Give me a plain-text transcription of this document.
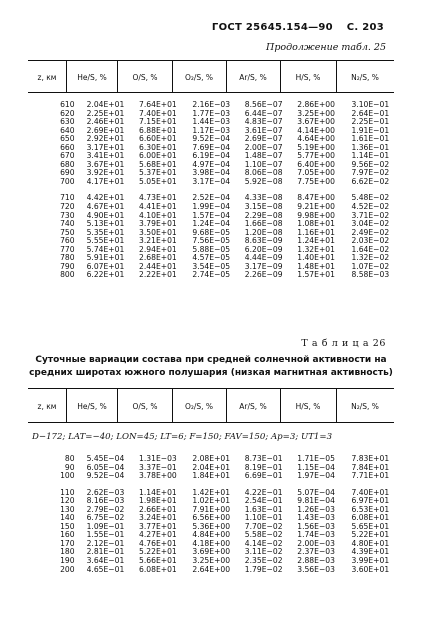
ГОСТ 25645.154—90 С. 203
Продолжение табл. 25
z, км	He/S, %	O/S, %	O₂/S, %	Ar/S, %	H/S, %	N₂/S, %
610	2.04E+01	7.64E+01	2.16E−03	8.56E−07	2.86E+00	3.10E−01
620	2.25E+01	7.40E+01	1.77E−03	6.44E−07	3.25E+00	2.64E−01
630	2.46E+01	7.15E+01	1.44E−03	4.83E−07	3.67E+00	2.25E−01
640	2.69E+01	6.88E+01	1.17E−03	3.61E−07	4.14E+00	1.91E−01
650	2.92E+01	6.60E+01	9.52E−04	2.69E−07	4.64E+00	1.61E−01
660	3.17E+01	6.30E+01	7.69E−04	2.00E−07	5.19E+00	1.36E−01
670	3.41E+01	6.00E+01	6.19E−04	1.48E−07	5.77E+00	1.14E−01
680	3.67E+01	5.68E+01	4.97E−04	1.10E−07	6.40E+00	9.56E−02
690	3.92E+01	5.37E+01	3.98E−04	8.06E−08	7.05E+00	7.97E−02
700	4.17E+01	5.05E+01	3.17E−04	5.92E−08	7.75E+00	6.62E−02

710	4.42E+01	4.73E+01	2.52E−04	4.33E−08	8.47E+00	5.48E−02
720	4.67E+01	4.41E+01	1.99E−04	3.15E−08	9.21E+00	4.52E−02
730	4.90E+01	4.10E+01	1.57E−04	2.29E−08	9.98E+00	3.71E−02
740	5.13E+01	3.79E+01	1.24E−04	1.66E−08	1.08E+01	3.04E−02
750	5.35E+01	3.50E+01	9.68E−05	1.20E−08	1.16E+01	2.49E−02
760	5.55E+01	3.21E+01	7.56E−05	8.63E−09	1.24E+01	2.03E−02
770	5.74E+01	2.94E+01	5.88E−05	6.20E−09	1.32E+01	1.64E−02
780	5.91E+01	2.68E+01	4.57E−05	4.44E−09	1.40E+01	1.32E−02
790	6.07E+01	2.44E+01	3.54E−05	3.17E−09	1.48E+01	1.07E−02
800	6.22E+01	2.22E+01	2.74E−05	2.26E−09	1.57E+01	8.58E−03
Т а б л и ц а 26
Суточные вариации состава при средней солнечной активности на средних широтах южного полушария (низкая магнитная активность)
z, км	He/S, %	O/S, %	O₂/S, %	Ar/S, %	H/S, %	N₂/S, %
D−172; LAT=−40; LON=45; LT=6; F=150; FAV=150; Ap=3; UT1=3
80	5.45E−04	1.31E−03	2.08E+01	8.73E−01	1.71E−05	7.83E+01
90	6.05E−04	3.37E−01	2.04E+01	8.19E−01	1.15E−04	7.84E+01
100	9.52E−04	3.78E+00	1.84E+01	6.69E−01	1.97E−04	7.71E+01

110	2.62E−03	1.14E+01	1.42E+01	4.22E−01	5.07E−04	7.40E+01
120	8.16E−03	1.98E+01	1.02E+01	2.54E−01	9.81E−04	6.97E+01
130	2.79E−02	2.66E+01	7.91E+00	1.63E−01	1.26E−03	6.53E+01
140	6.75E−02	3.24E+01	6.56E+00	1.10E−01	1.43E−03	6.08E+01
150	1.09E−01	3.77E+01	5.36E+00	7.70E−02	1.56E−03	5.65E+01
160	1.55E−01	4.27E+01	4.84E+00	5.58E−02	1.74E−03	5.22E+01
170	2.12E−01	4.76E+01	4.18E+00	4.14E−02	2.00E−03	4.80E+01
180	2.81E−01	5.22E+01	3.69E+00	3.11E−02	2.37E−03	4.39E+01
190	3.64E−01	5.66E+01	3.25E+00	2.35E−02	2.88E−03	3.99E+01
200	4.65E−01	6.08E+01	2.64E+00	1.79E−02	3.56E−03	3.60E+01
